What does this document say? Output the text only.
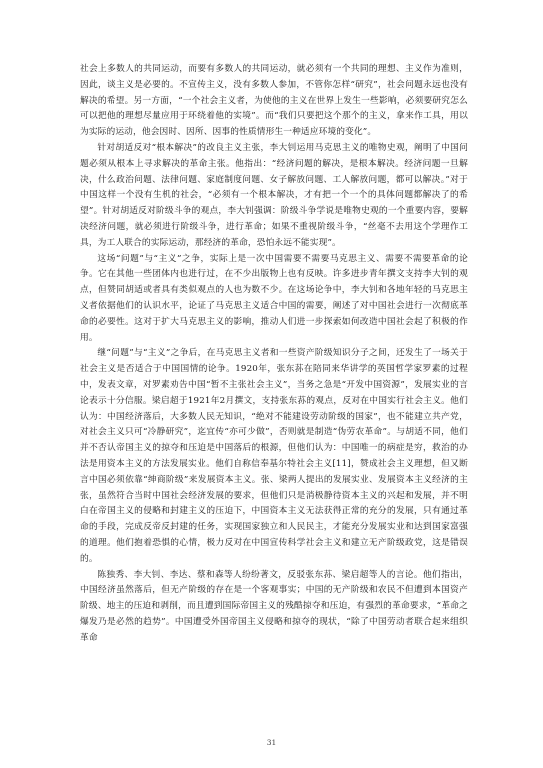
社会上多数人的共同运动，而要有多数人的共同运动，就必须有一个共同的理想、主义作为准则，因此，谈主义是必要的。不宣传主义，没有多数人参加，不管你怎样“研究”，社会问题永远也没有解决的希望。另一方面，“一个社会主义者，为使他的主义在世界上发生一些影响，必须要研究怎么可以把他的理想尽量应用于环绕着他的实境”。而“我们只要把这个那个的主义，拿来作工具，用以为实际的运动，他会因时、因所、因事的性质情形生一种适应环境的变化”。

针对胡适反对“根本解决”的改良主义主张，李大钊运用马克思主义的唯物史观，阐明了中国问题必须从根本上寻求解决的革命主张。他指出：“经济问题的解决，是根本解决。经济问题一旦解决，什么政治问题、法律问题、家庭制度问题、女子解放问题、工人解放问题，都可以解决。”对于中国这样一个没有生机的社会，“必须有一个根本解决，才有把一个一个的具体问题都解决了的希望”。针对胡适反对阶级斗争的观点，李大钊强调：阶级斗争学说是唯物史观的一个重要内容，要解决经济问题，就必须进行阶级斗争，进行革命；如果不重视阶级斗争，“丝毫不去用这个学理作工具，为工人联合的实际运动，那经济的革命，恐怕永远不能实现”。

这场“问题”与“主义”之争，实际上是一次中国需要不需要马克思主义、需要不需要革命的论争。它在其他一些团体内也进行过，在不少出版物上也有反映。许多进步青年撰文支持李大钊的观点，但赞同胡适或者具有类似观点的人也为数不少。在这场论争中，李大钊和各地年轻的马克思主义者依据他们的认识水平，论证了马克思主义适合中国的需要，阐述了对中国社会进行一次彻底革命的必要性。这对于扩大马克思主义的影响，推动人们进一步探索如何改造中国社会起了积极的作用。

继“问题”与“主义”之争后，在马克思主义者和一些资产阶级知识分子之间，还发生了一场关于社会主义是否适合于中国国情的论争。1920年，张东荪在陪同来华讲学的英国哲学家罗素的过程中，发表文章，对罗素劝告中国“暂不主张社会主义”，当务之急是“开发中国资源”，发展实业的言论表示十分信服。梁启超于1921年2月撰文，支持张东荪的观点，反对在中国实行社会主义。他们认为：中国经济落后，大多数人民无知识，“绝对不能建设劳动阶级的国家”，也不能建立共产党，对社会主义只可“冷静研究”，迄宜传“亦可少做”，否则就是制造“伪劳农革命”。与胡适不同，他们并不否认帝国主义的掠夺和压迫是中国落后的根源，但他们认为：中国唯一的病症是穷，救治的办法是用资本主义的方法发展实业。他们自称信奉基尔特社会主义[11]，赞成社会主义理想，但又断言中国必须依靠“绅商阶级”来发展资本主义。张、梁两人提出的发展实业、发展资本主义经济的主张，虽然符合当时中国社会经济发展的要求，但他们只是消极静待资本主义的兴起和发展，并不明白在帝国主义的侵略和封建主义的压迫下，中国资本主义无法获得正常的充分的发展，只有通过革命的手段，完成反帝反封建的任务，实现国家独立和人民民主，才能充分发展实业和达到国家富强的道理。他们抱着恐惧的心情，极力反对在中国宣传科学社会主义和建立无产阶级政党，这是错误的。

陈独秀、李大钊、李达、蔡和森等人纷纷著文，反驳张东荪、梁启超等人的言论。他们指出，中国经济虽然落后，但无产阶级的存在是一个客观事实；中国的无产阶级和农民不但遭到本国资产阶级、地主的压迫和剥削，而且遭到国际帝国主义的残酷掠夺和压迫，有强烈的革命要求，“革命之爆发乃是必然的趋势”。中国遭受外国帝国主义侵略和掠夺的现状，“除了中国劳动者联合起来组织革命

31
